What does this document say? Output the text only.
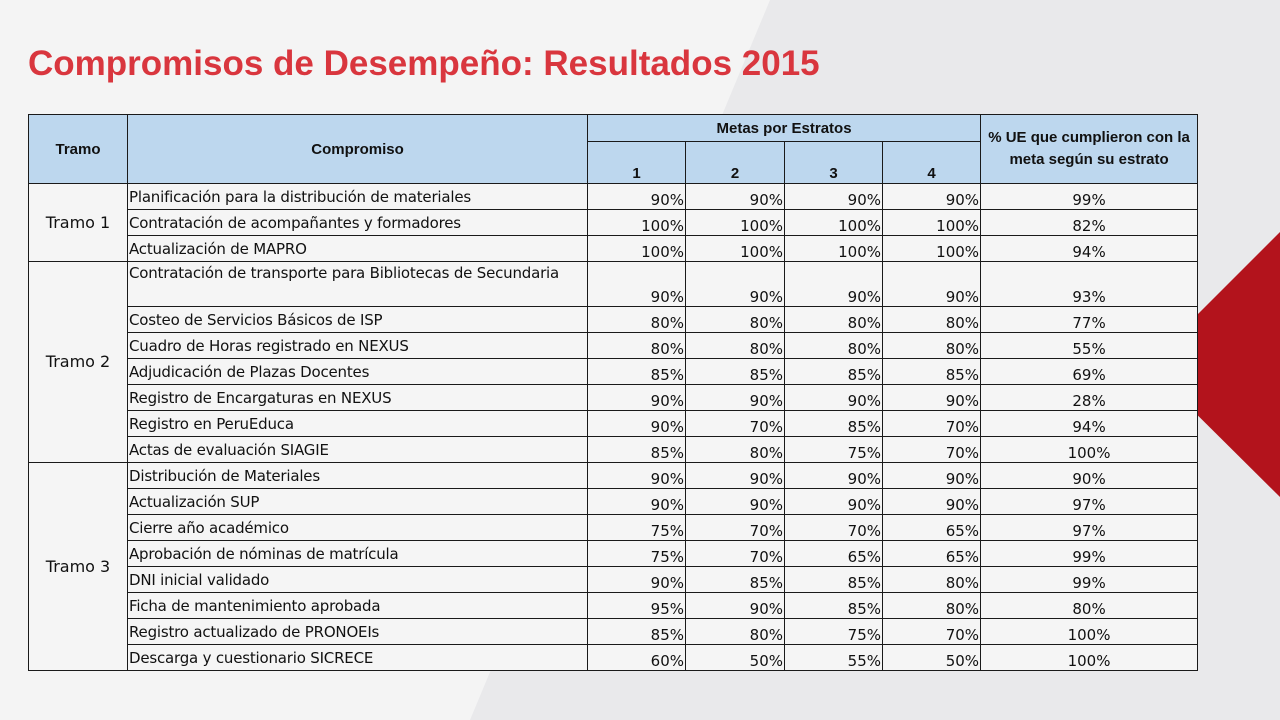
Compromisos de Desempeño: Resultados 2015
Tramo	Compromiso	Metas por Estratos				% UE que cumplieron con la meta según su estrato
		1	2	3	4	
Tramo 1	Planificación para la distribución de materiales	90%	90%	90%	90%	99%
	Contratación de acompañantes y formadores	100%	100%	100%	100%	82%
	Actualización de MAPRO	100%	100%	100%	100%	94%
Tramo 2	Contratación de transporte para Bibliotecas de Secundaria	90%	90%	90%	90%	93%
	Costeo de Servicios Básicos de ISP	80%	80%	80%	80%	77%
	Cuadro de Horas registrado en NEXUS	80%	80%	80%	80%	55%
	Adjudicación de Plazas Docentes	85%	85%	85%	85%	69%
	Registro de Encargaturas en NEXUS	90%	90%	90%	90%	28%
	Registro en PeruEduca	90%	70%	85%	70%	94%
	Actas de evaluación SIAGIE	85%	80%	75%	70%	100%
Tramo 3	Distribución de Materiales	90%	90%	90%	90%	90%
	Actualización SUP	90%	90%	90%	90%	97%
	Cierre año académico	75%	70%	70%	65%	97%
	Aprobación de nóminas de matrícula	75%	70%	65%	65%	99%
	DNI inicial validado	90%	85%	85%	80%	99%
	Ficha de mantenimiento aprobada	95%	90%	85%	80%	80%
	Registro actualizado de PRONOEIs	85%	80%	75%	70%	100%
	Descarga y cuestionario SICRECE	60%	50%	55%	50%	100%
